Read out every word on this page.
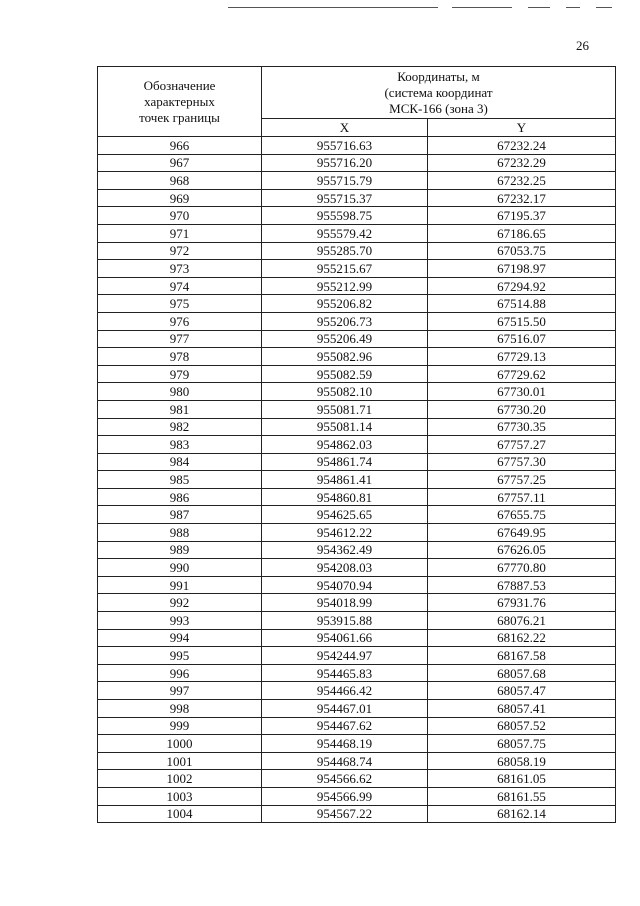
26
Обозначение
характерных
точек границы	Координаты, м
(система координат
МСК-166 (зона 3)	

	X	Y
966	955716.63	67232.24
967	955716.20	67232.29
968	955715.79	67232.25
969	955715.37	67232.17
970	955598.75	67195.37
971	955579.42	67186.65
972	955285.70	67053.75
973	955215.67	67198.97
974	955212.99	67294.92
975	955206.82	67514.88
976	955206.73	67515.50
977	955206.49	67516.07
978	955082.96	67729.13
979	955082.59	67729.62
980	955082.10	67730.01
981	955081.71	67730.20
982	955081.14	67730.35
983	954862.03	67757.27
984	954861.74	67757.30
985	954861.41	67757.25
986	954860.81	67757.11
987	954625.65	67655.75
988	954612.22	67649.95
989	954362.49	67626.05
990	954208.03	67770.80
991	954070.94	67887.53
992	954018.99	67931.76
993	953915.88	68076.21
994	954061.66	68162.22
995	954244.97	68167.58
996	954465.83	68057.68
997	954466.42	68057.47
998	954467.01	68057.41
999	954467.62	68057.52
1000	954468.19	68057.75
1001	954468.74	68058.19
1002	954566.62	68161.05
1003	954566.99	68161.55
1004	954567.22	68162.14
